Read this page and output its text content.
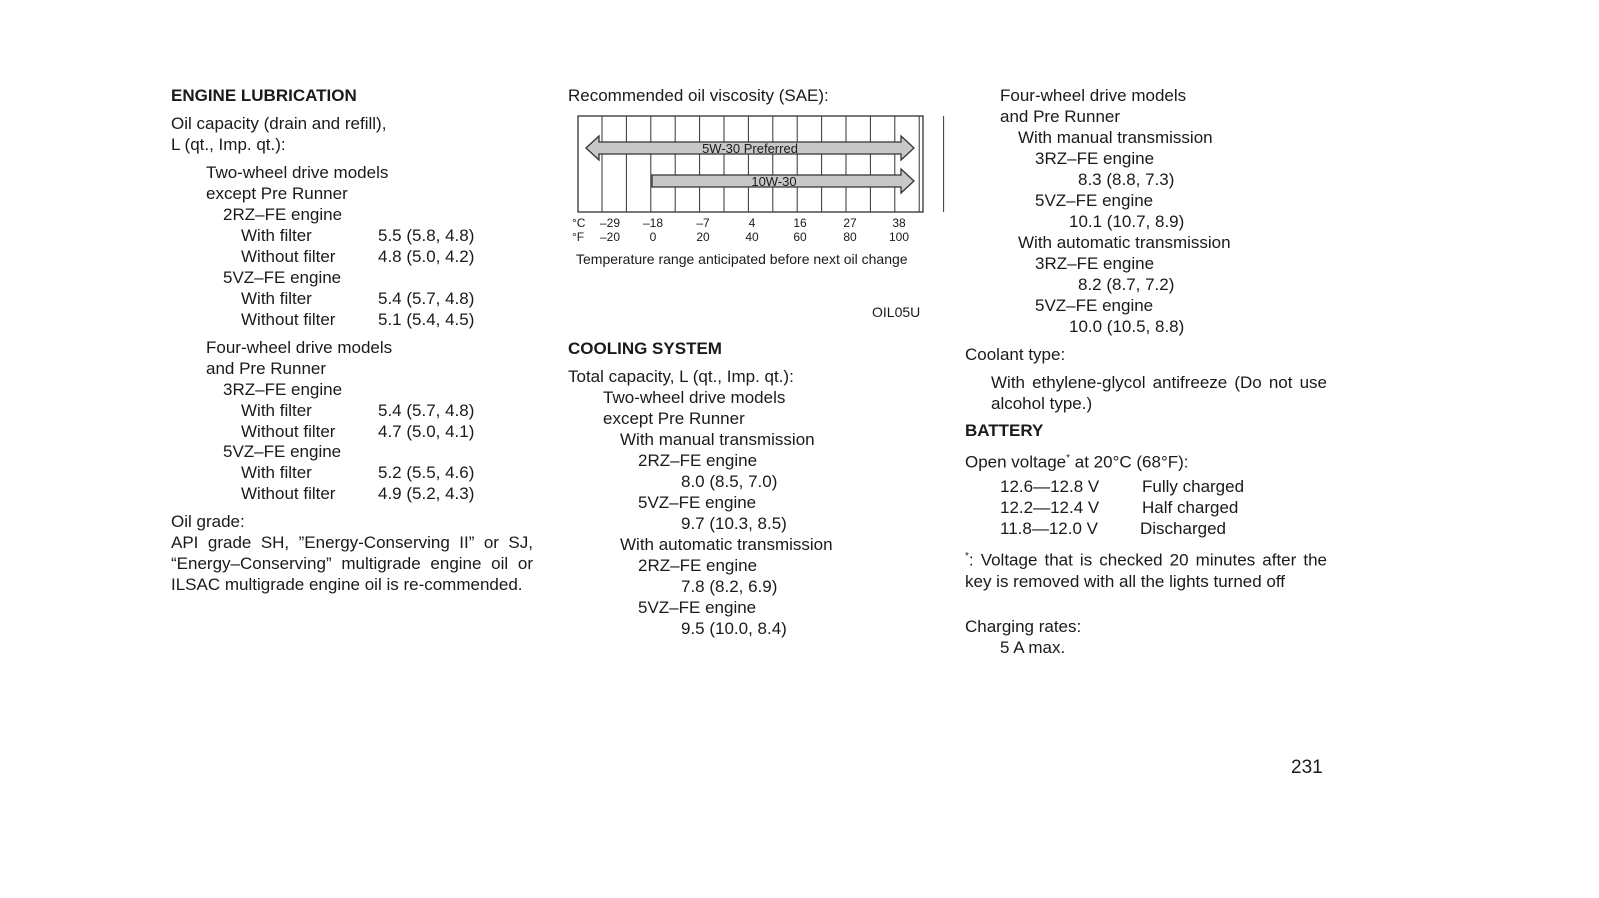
ENGINE LUBRICATION
Oil capacity (drain and refill),
L (qt., Imp. qt.):
Two-wheel drive models
except Pre Runner
2RZ–FE engine
With filter	5.5 (5.8, 4.8)
Without filter	4.8 (5.0, 4.2)
5VZ–FE engine
With filter	5.4 (5.7, 4.8)
Without filter	5.1 (5.4, 4.5)
Four-wheel drive models
and Pre Runner
3RZ–FE engine
With filter	5.4 (5.7, 4.8)
Without filter	4.7 (5.0, 4.1)
5VZ–FE engine
With filter	5.2 (5.5, 4.6)
Without filter	4.9 (5.2, 4.3)
Oil grade:
API grade SH, ”Energy-Conserving II” or SJ, “Energy–Conserving” multigrade engine oil or ILSAC multigrade engine oil is re-commended.
Recommended oil viscosity (SAE):
5W-30 Preferred
10W-30
°C
°F
–29 –18	–7	4	16	27	38
–20 0	20	40	60	80	100
Temperature range anticipated before next oil change
OIL05U
COOLING SYSTEM
Total capacity, L (qt., Imp. qt.):
Two-wheel drive models
except Pre Runner
With manual transmission
2RZ–FE engine
8.0 (8.5, 7.0)
5VZ–FE engine
9.7 (10.3, 8.5)
With automatic transmission
2RZ–FE engine
7.8 (8.2, 6.9)
5VZ–FE engine
9.5 (10.0, 8.4)
Four-wheel drive models
and Pre Runner
With manual transmission
3RZ–FE engine
8.3 (8.8, 7.3)
5VZ–FE engine
10.1 (10.7, 8.9)
With automatic transmission
3RZ–FE engine
8.2 (8.7, 7.2)
5VZ–FE engine
10.0 (10.5, 8.8)
Coolant type:
With ethylene-glycol antifreeze (Do not use alcohol type.)
BATTERY
Open voltage* at 20°C (68°F):
12.6—12.8 V	Fully charged
12.2—12.4 V	Half charged
11.8—12.0 V Discharged
*: Voltage that is checked 20 minutes after the key is removed with all the lights turned off
Charging rates:
5 A max.
231
